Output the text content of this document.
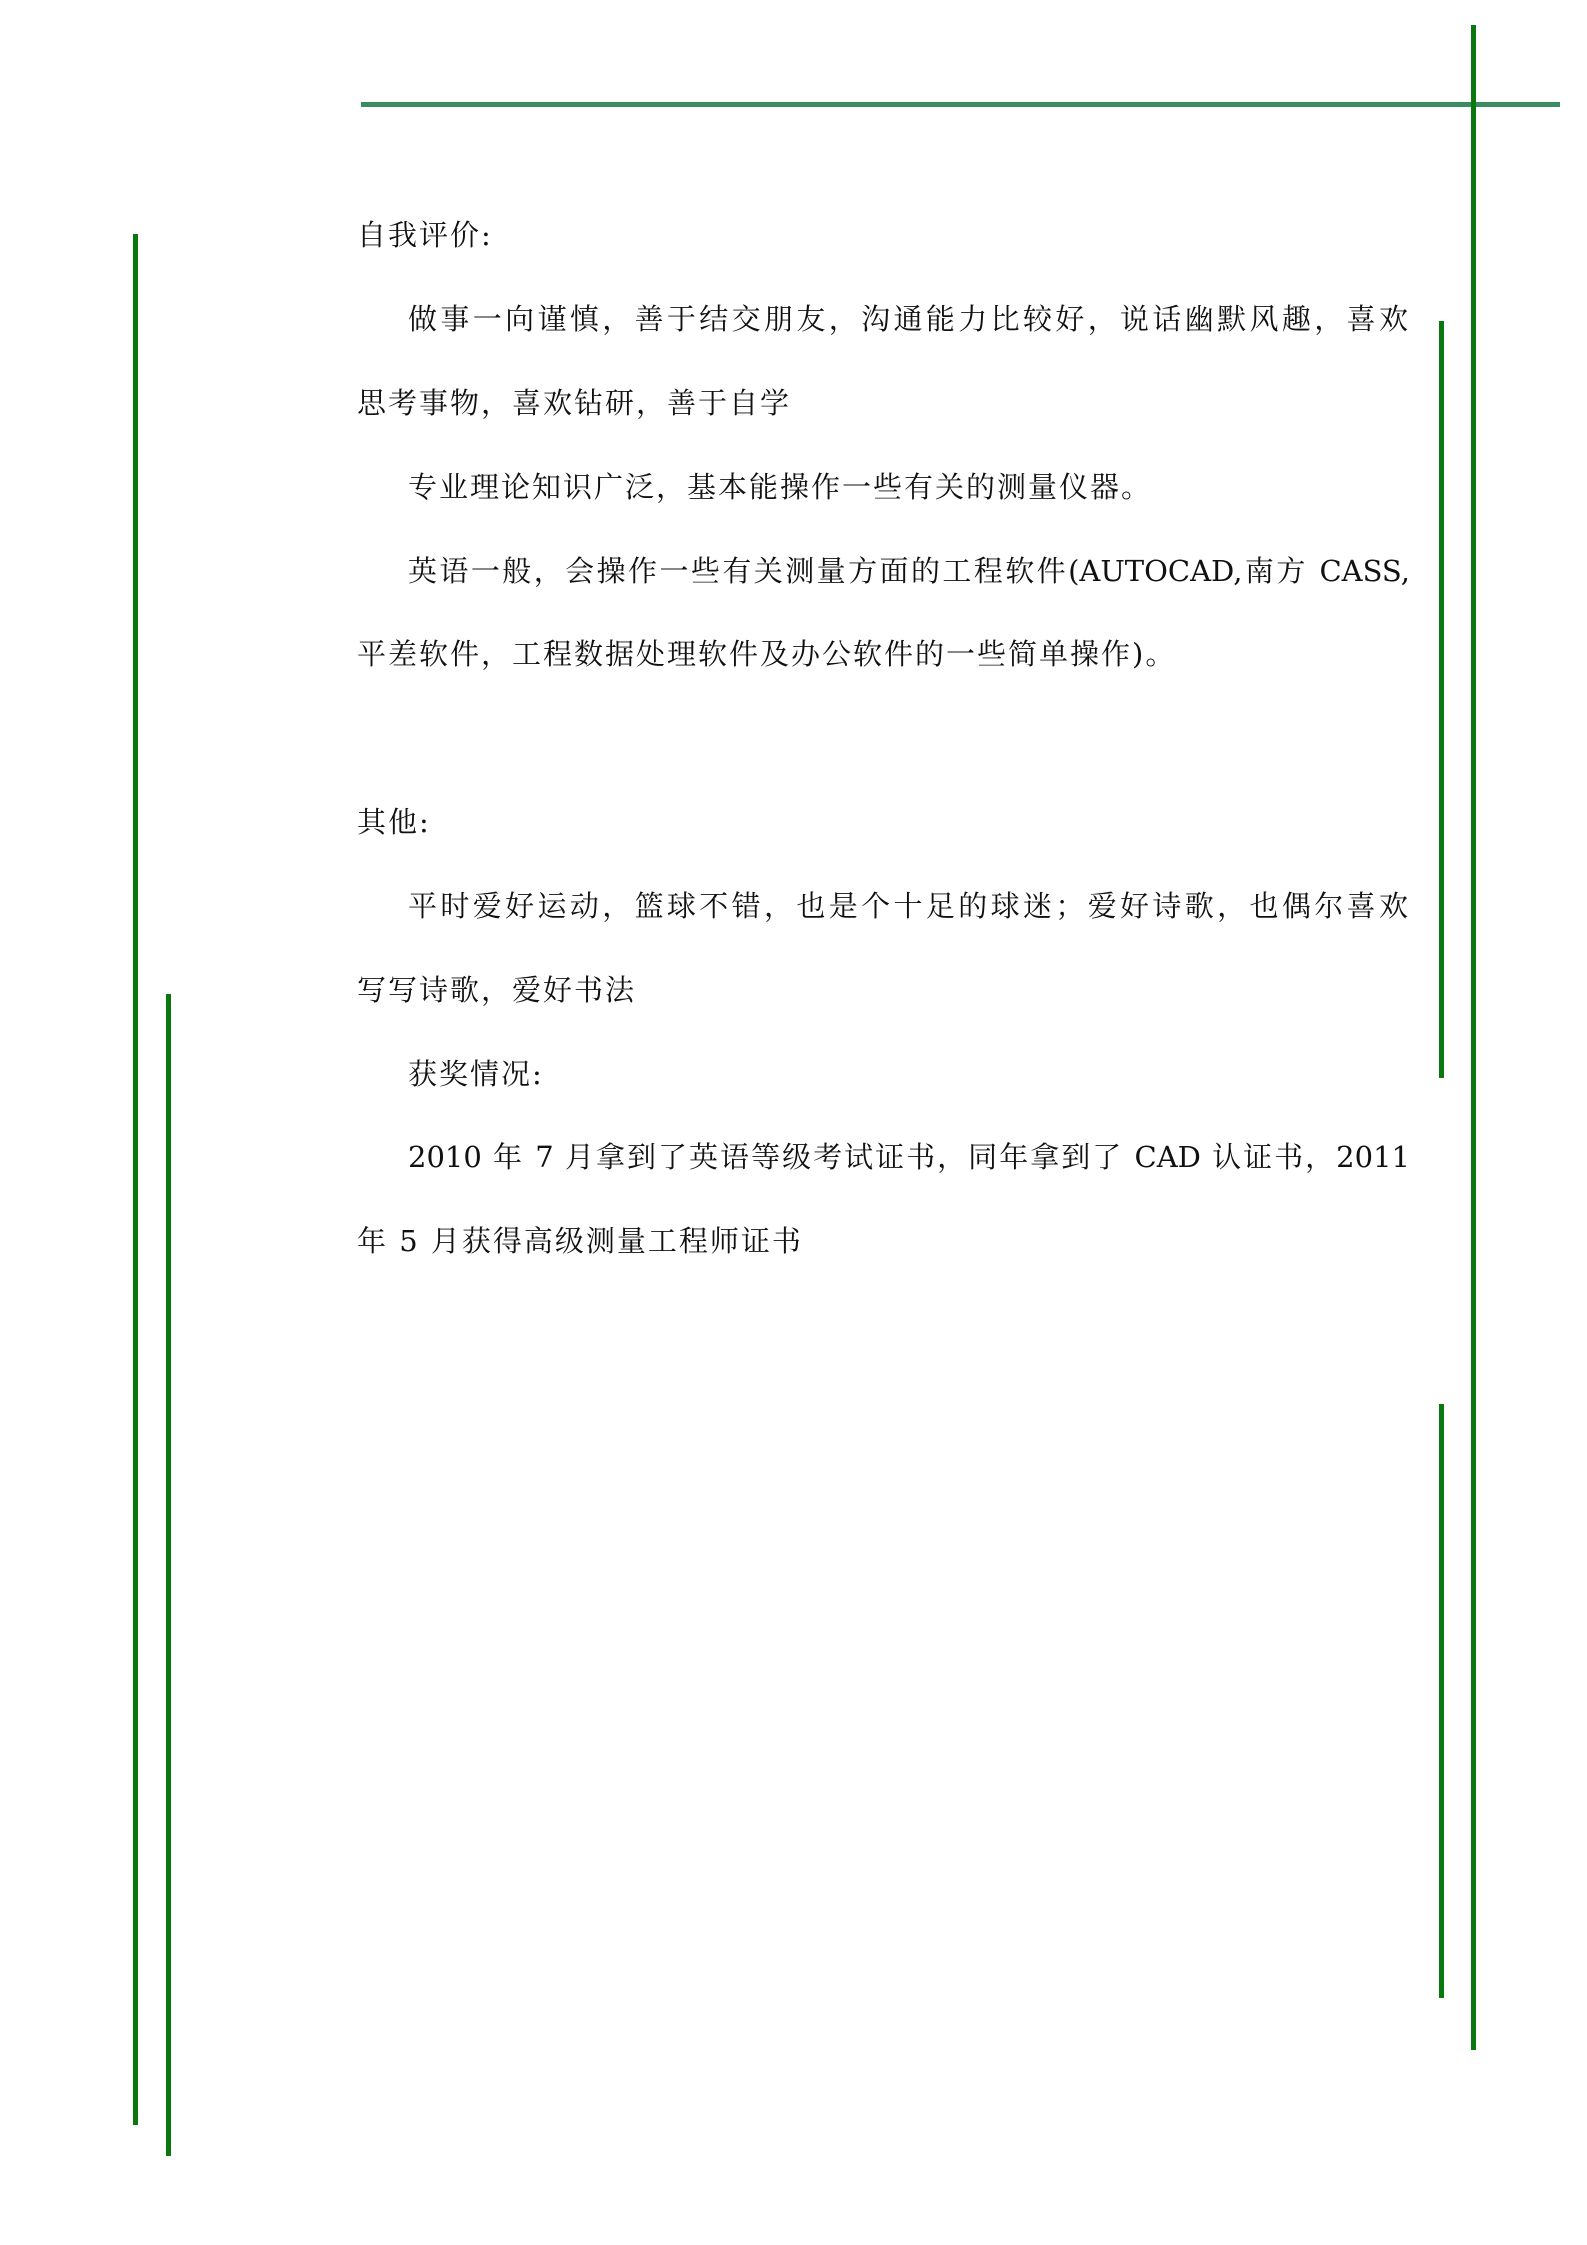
自我评价:
做事一向谨慎，善于结交朋友，沟通能力比较好，说话幽默风趣，喜欢
思考事物，喜欢钻研，善于自学
专业理论知识广泛，基本能操作一些有关的测量仪器。
英语一般，会操作一些有关测量方面的工程软件(AUTOCAD,南方 CASS,
平差软件，工程数据处理软件及办公软件的一些简单操作)。
其他:
平时爱好运动，篮球不错，也是个十足的球迷；爱好诗歌，也偶尔喜欢
写写诗歌，爱好书法
获奖情况:
2010 年 7 月拿到了英语等级考试证书，同年拿到了 CAD 认证书，2011
年 5 月获得高级测量工程师证书
